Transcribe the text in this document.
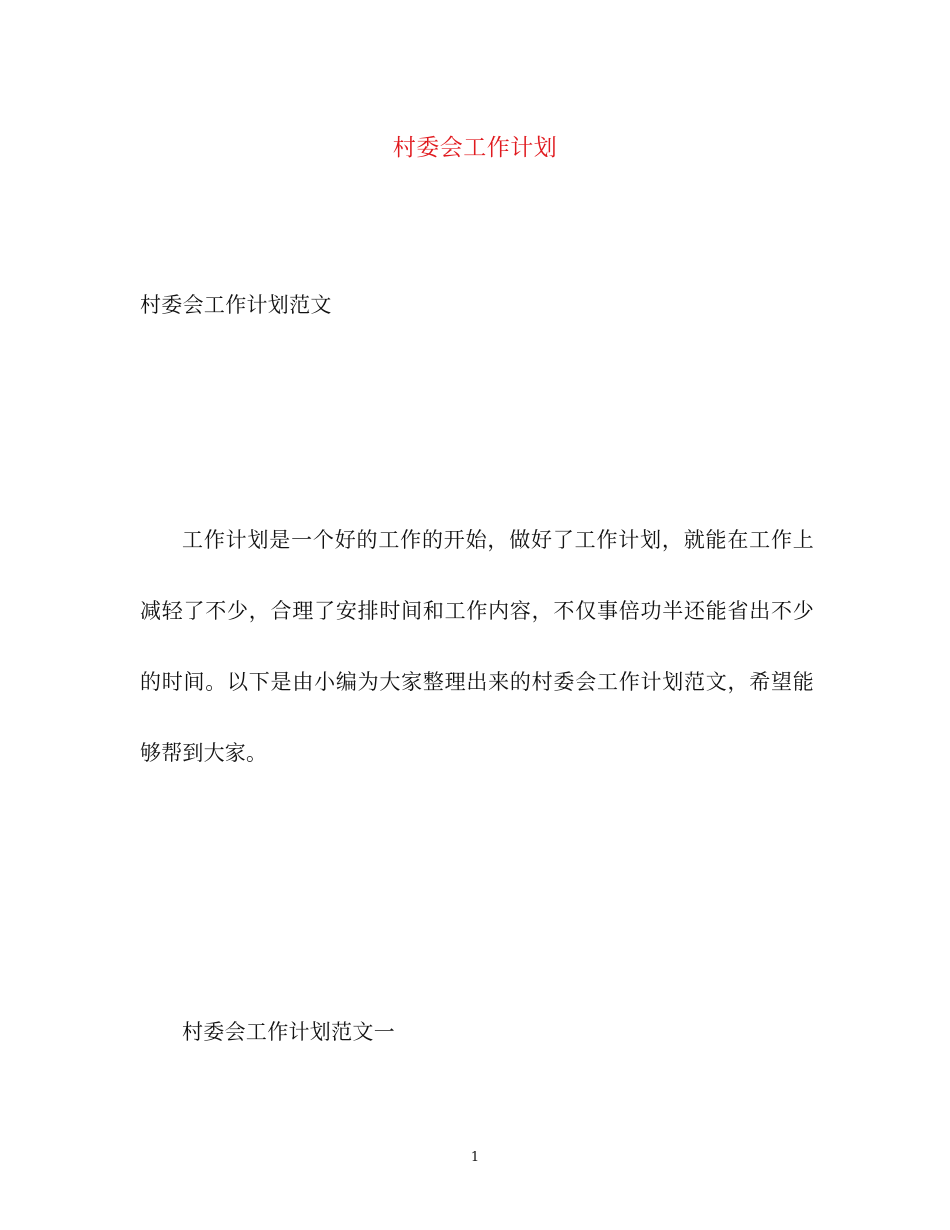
村委会工作计划
村委会工作计划范文

工作计划是一个好的工作的开始，做好了工作计划，就能在工作上减轻了不少，合理了安排时间和工作内容，不仅事倍功半还能省出不少的时间。以下是由小编为大家整理出来的村委会工作计划范文，希望能够帮到大家。

村委会工作计划范文一
1
